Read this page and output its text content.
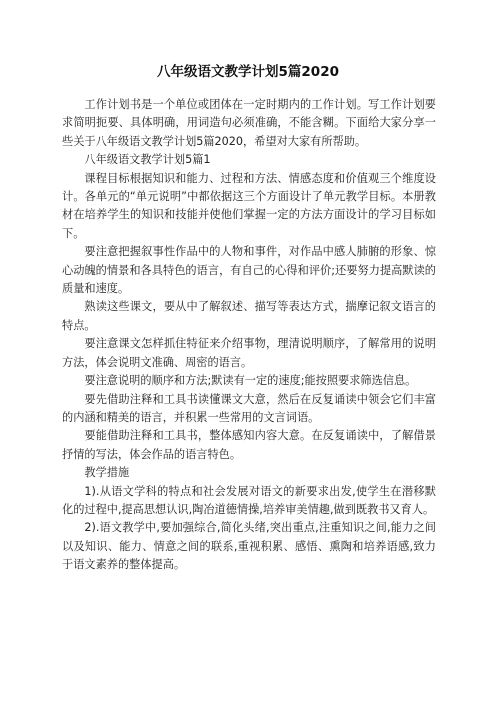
八年级语文教学计划5篇2020

工作计划书是一个单位或团体在一定时期内的工作计划。写工作计划要求简明扼要、具体明确，用词造句必须准确，不能含糊。下面给大家分享一些关于八年级语文教学计划5篇2020，希望对大家有所帮助。

八年级语文教学计划5篇1

课程目标根据知识和能力、过程和方法、情感态度和价值观三个维度设计。各单元的“单元说明”中都依据这三个方面设计了单元教学目标。本册教材在培养学生的知识和技能并使他们掌握一定的方法方面设计的学习目标如下。

要注意把握叙事性作品中的人物和事件，对作品中感人肺腑的形象、惊心动魄的情景和各具特色的语言，有自己的心得和评价;还要努力提高默读的质量和速度。

熟读这些课文，要从中了解叙述、描写等表达方式，揣摩记叙文语言的特点。

要注意课文怎样抓住特征来介绍事物，理清说明顺序，了解常用的说明方法，体会说明文准确、周密的语言。

要注意说明的顺序和方法;默读有一定的速度;能按照要求筛选信息。

要先借助注释和工具书读懂课文大意，然后在反复诵读中领会它们丰富的内涵和精美的语言，并积累一些常用的文言词语。

要能借助注释和工具书，整体感知内容大意。在反复诵读中，了解借景抒情的写法，体会作品的语言特色。

教学措施

1).从语文学科的特点和社会发展对语文的新要求出发,使学生在潜移默化的过程中,提高思想认识,陶冶道德情操,培养审美情趣,做到既教书又育人。

2).语文教学中,要加强综合,简化头绪,突出重点,注重知识之间,能力之间以及知识、能力、情意之间的联系,重视积累、感悟、熏陶和培养语感,致力于语文素养的整体提高。
